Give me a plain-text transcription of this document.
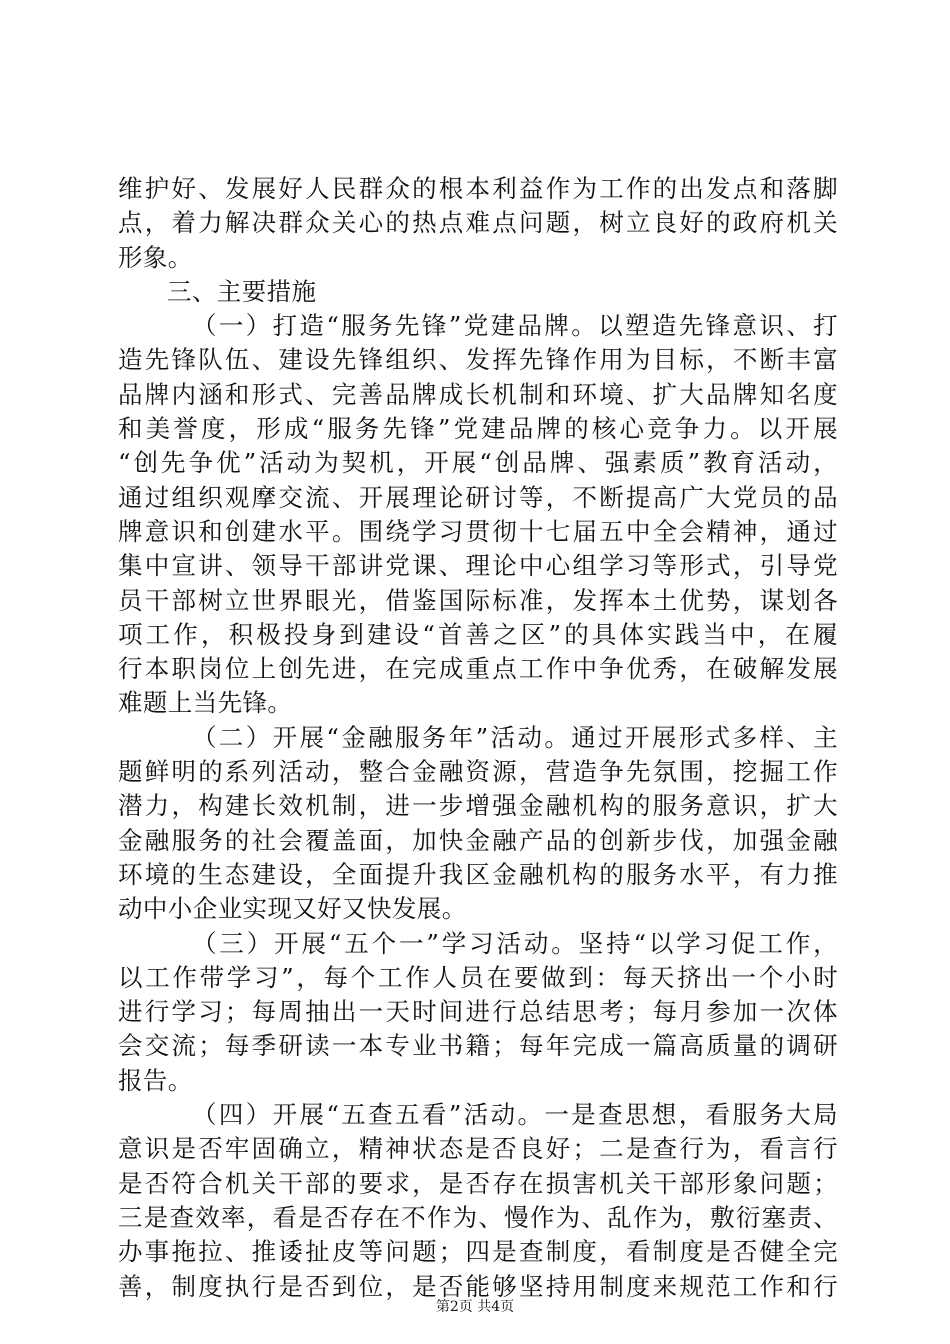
维护好、发展好人民群众的根本利益作为工作的出发点和落脚
点，着力解决群众关心的热点难点问题，树立良好的政府机关
形象。
三、主要措施
（一）打造“服务先锋”党建品牌。以塑造先锋意识、打
造先锋队伍、建设先锋组织、发挥先锋作用为目标，不断丰富
品牌内涵和形式、完善品牌成长机制和环境、扩大品牌知名度
和美誉度，形成“服务先锋”党建品牌的核心竞争力。以开展
“创先争优”活动为契机，开展“创品牌、强素质”教育活动，
通过组织观摩交流、开展理论研讨等，不断提高广大党员的品
牌意识和创建水平。围绕学习贯彻十七届五中全会精神，通过
集中宣讲、领导干部讲党课、理论中心组学习等形式，引导党
员干部树立世界眼光，借鉴国际标准，发挥本土优势，谋划各
项工作，积极投身到建设“首善之区”的具体实践当中，在履
行本职岗位上创先进，在完成重点工作中争优秀，在破解发展
难题上当先锋。
（二）开展“金融服务年”活动。通过开展形式多样、主
题鲜明的系列活动，整合金融资源，营造争先氛围，挖掘工作
潜力，构建长效机制，进一步增强金融机构的服务意识，扩大
金融服务的社会覆盖面，加快金融产品的创新步伐，加强金融
环境的生态建设，全面提升我区金融机构的服务水平，有力推
动中小企业实现又好又快发展。
（三）开展“五个一”学习活动。坚持“以学习促工作，
以工作带学习”，每个工作人员在要做到：每天挤出一个小时
进行学习；每周抽出一天时间进行总结思考；每月参加一次体
会交流；每季研读一本专业书籍；每年完成一篇高质量的调研
报告。
（四）开展“五查五看”活动。一是查思想，看服务大局
意识是否牢固确立，精神状态是否良好；二是查行为，看言行
是否符合机关干部的要求，是否存在损害机关干部形象问题；
三是查效率，看是否存在不作为、慢作为、乱作为，敷衍塞责、
办事拖拉、推诿扯皮等问题；四是查制度，看制度是否健全完
善，制度执行是否到位，是否能够坚持用制度来规范工作和行
第2页 共4页
